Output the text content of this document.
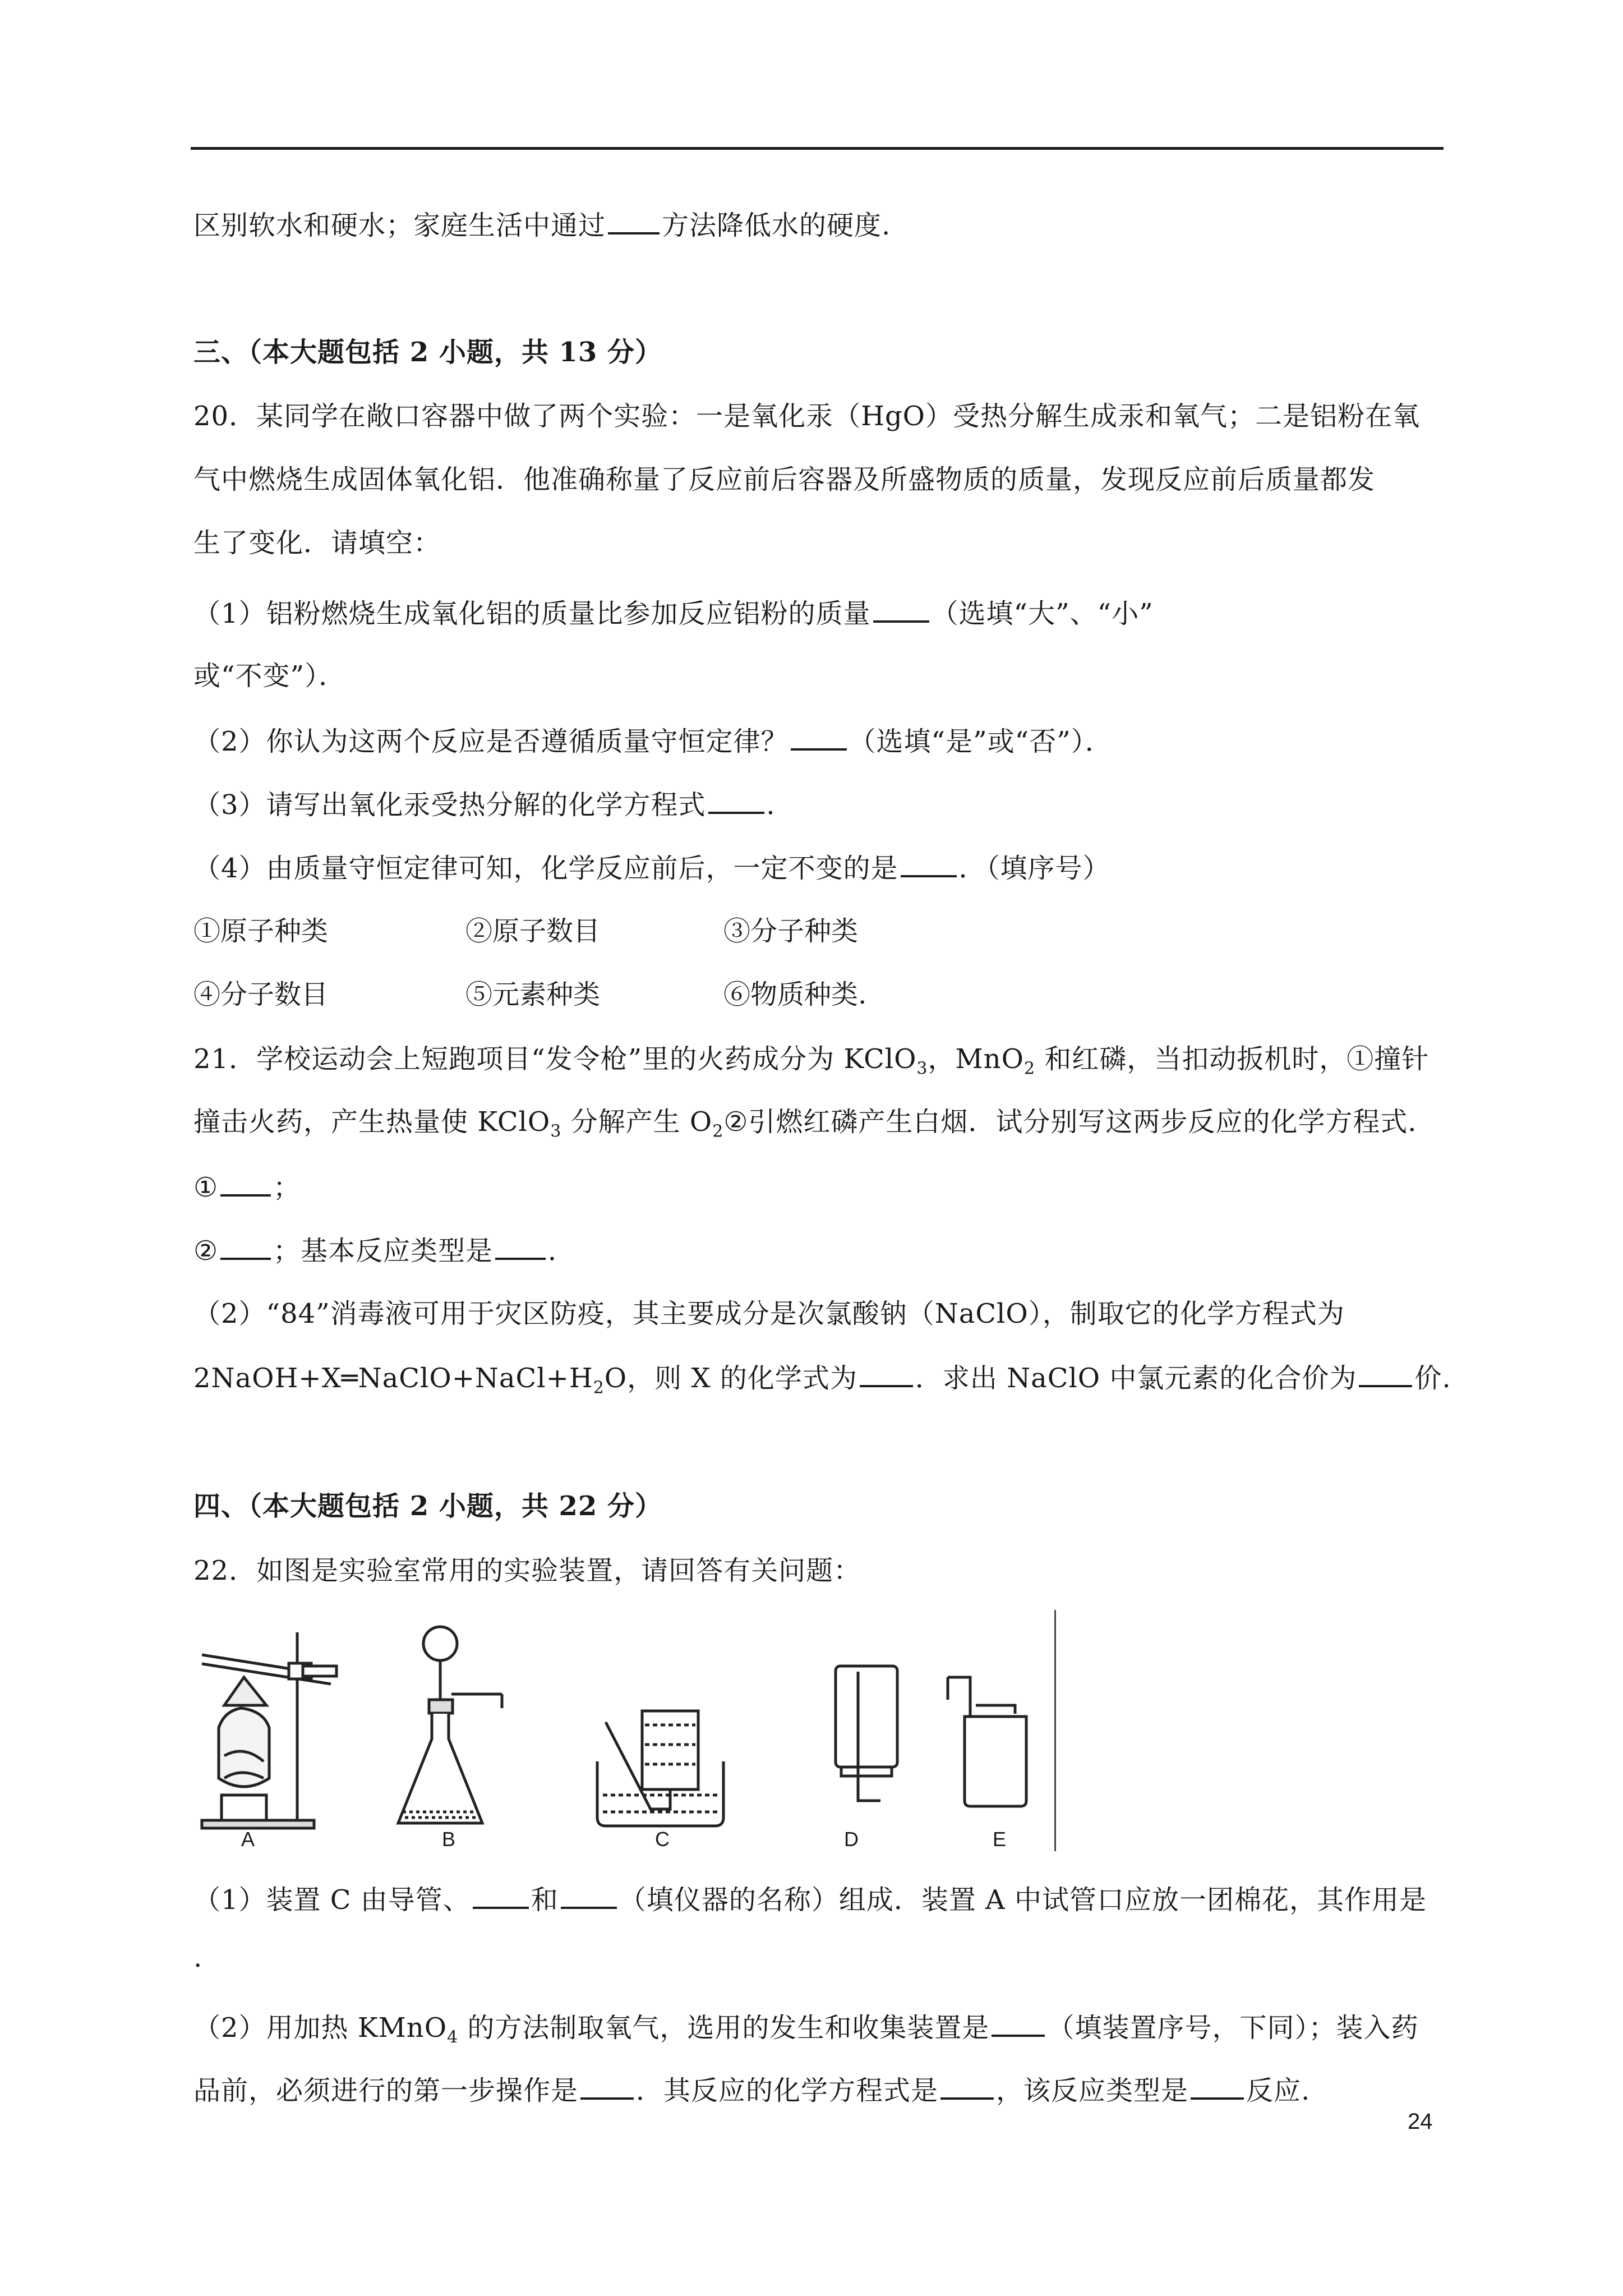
区别软水和硬水；家庭生活中通过 方法降低水的硬度.
三、（本大题包括 2 小题，共 13 分）
20．某同学在敞口容器中做了两个实验：一是氧化汞（HgO）受热分解生成汞和氧气；二是铝粉在氧
气中燃烧生成固体氧化铝．他准确称量了反应前后容器及所盛物质的质量，发现反应前后质量都发
生了变化．请填空：
（1）铝粉燃烧生成氧化铝的质量比参加反应铝粉的质量 （选填“大”、“小”
或“不变”）．
（2）你认为这两个反应是否遵循质量守恒定律？ （选填“是”或“否”）．
（3）请写出氧化汞受热分解的化学方程式 ．
（4）由质量守恒定律可知，化学反应前后，一定不变的是 ．（填序号）
①原子种类	②原子数目	③分子种类
④分子数目	⑤元素种类	⑥物质种类.
21．学校运动会上短跑项目“发令枪”里的火药成分为 KClO$_3$，MnO$_2$ 和红磷，当扣动扳机时，①撞针
撞击火药，产生热量使 KClO$_3$ 分解产生 $O_2②$引燃红磷产生白烟．试分别写这两步反应的化学方程式．
① ；
② ；基本反应类型是 ．
（2）“84”消毒液可用于灾区防疫，其主要成分是次氯酸钠（NaClO），制取它的化学方程式为
$2NaOH+X═NaClO+NaCl+H_2O$，则 X 的化学式为 ．求出 NaClO 中氯元素的化合价为 价.
四、（本大题包括 2 小题，共 22 分）
22．如图是实验室常用的实验装置，请回答有关问题：
A	B	C	D	E
（1）装置 C 由导管、 和 （填仪器的名称）组成．装置 A 中试管口应放一团棉花，其作用是
.
（2）用加热 KMnO$_4$ 的方法制取氧气，选用的发生和收集装置是 （填装置序号，下同）；装入药
品前，必须进行的第一步操作是 ．其反应的化学方程式是 ，该反应类型是 反应.
24
